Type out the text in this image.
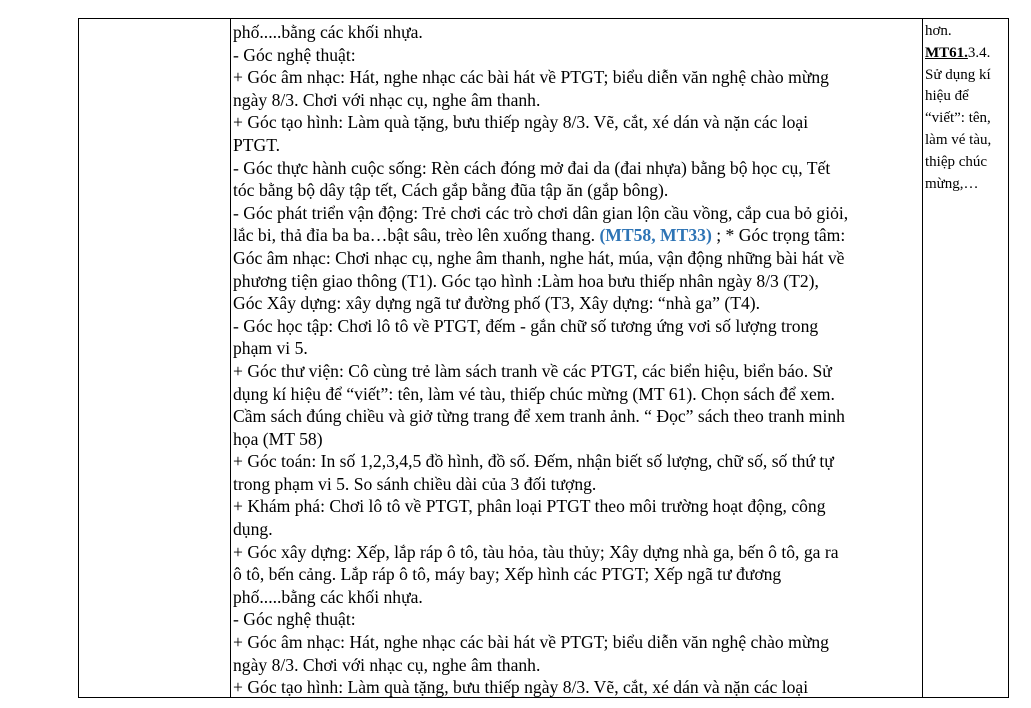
phố.....bằng các khối nhựa.
- Góc nghệ thuật:
+ Góc âm nhạc: Hát, nghe nhạc các bài hát về PTGT; biểu diễn văn nghệ chào mừng
ngày 8/3. Chơi với nhạc cụ, nghe âm thanh.
+ Góc tạo hình: Làm quà tặng, bưu thiếp ngày 8/3. Vẽ, cắt, xé dán và nặn các loại
PTGT.
- Góc thực hành cuộc sống: Rèn cách đóng mở đai da (đai nhựa) bằng bộ học cụ, Tết
tóc bằng bộ dây tập tết, Cách gắp bằng đũa tập ăn (gắp bông).
- Góc phát triển vận động: Trẻ chơi các trò chơi dân gian lộn cầu vồng, cắp cua bỏ giỏi,
lắc bi, thả đỉa ba ba…bật sâu, trèo lên xuống thang. (MT58, MT33) ; * Góc trọng tâm:
Góc âm nhạc: Chơi nhạc cụ, nghe âm thanh, nghe hát, múa, vận động những bài hát về
phương tiện giao thông (T1). Góc tạo hình :Làm hoa bưu thiếp nhân ngày 8/3 (T2),
Góc Xây dựng: xây dựng ngã tư đường phố (T3, Xây dựng: “nhà ga” (T4).
- Góc học tập: Chơi lô tô về PTGT, đếm - gắn chữ số tương ứng vơi số lượng trong
phạm vi 5.
+ Góc thư viện: Cô cùng trẻ làm sách tranh về các PTGT, các biển hiệu, biển báo. Sử
dụng kí hiệu để “viết”: tên, làm vé tàu, thiếp chúc mừng (MT 61). Chọn sách để xem.
Cầm sách đúng chiều và giở từng trang để xem tranh ảnh. “ Đọc” sách theo tranh minh
họa (MT 58)
+ Góc toán: In số 1,2,3,4,5 đồ hình, đồ số. Đếm, nhận biết số lượng, chữ số, số thứ tự
trong phạm vi 5. So sánh chiều dài của 3 đối tượng.
+ Khám phá: Chơi lô tô về PTGT, phân loại PTGT theo môi trường hoạt động, công
dụng.
+ Góc xây dựng: Xếp, lắp ráp ô tô, tàu hỏa, tàu thủy; Xây dựng nhà ga, bến ô tô, ga ra
ô tô, bến cảng. Lắp ráp ô tô, máy bay; Xếp hình các PTGT; Xếp ngã tư đương
phố.....bằng các khối nhựa.
- Góc nghệ thuật:
+ Góc âm nhạc: Hát, nghe nhạc các bài hát về PTGT; biểu diễn văn nghệ chào mừng
ngày 8/3. Chơi với nhạc cụ, nghe âm thanh.
+ Góc tạo hình: Làm quà tặng, bưu thiếp ngày 8/3. Vẽ, cắt, xé dán và nặn các loại
hơn.
MT61.3.4.
Sử dụng kí
hiệu để
“viết”: tên,
làm vé tàu,
thiệp chúc
mừng,…
